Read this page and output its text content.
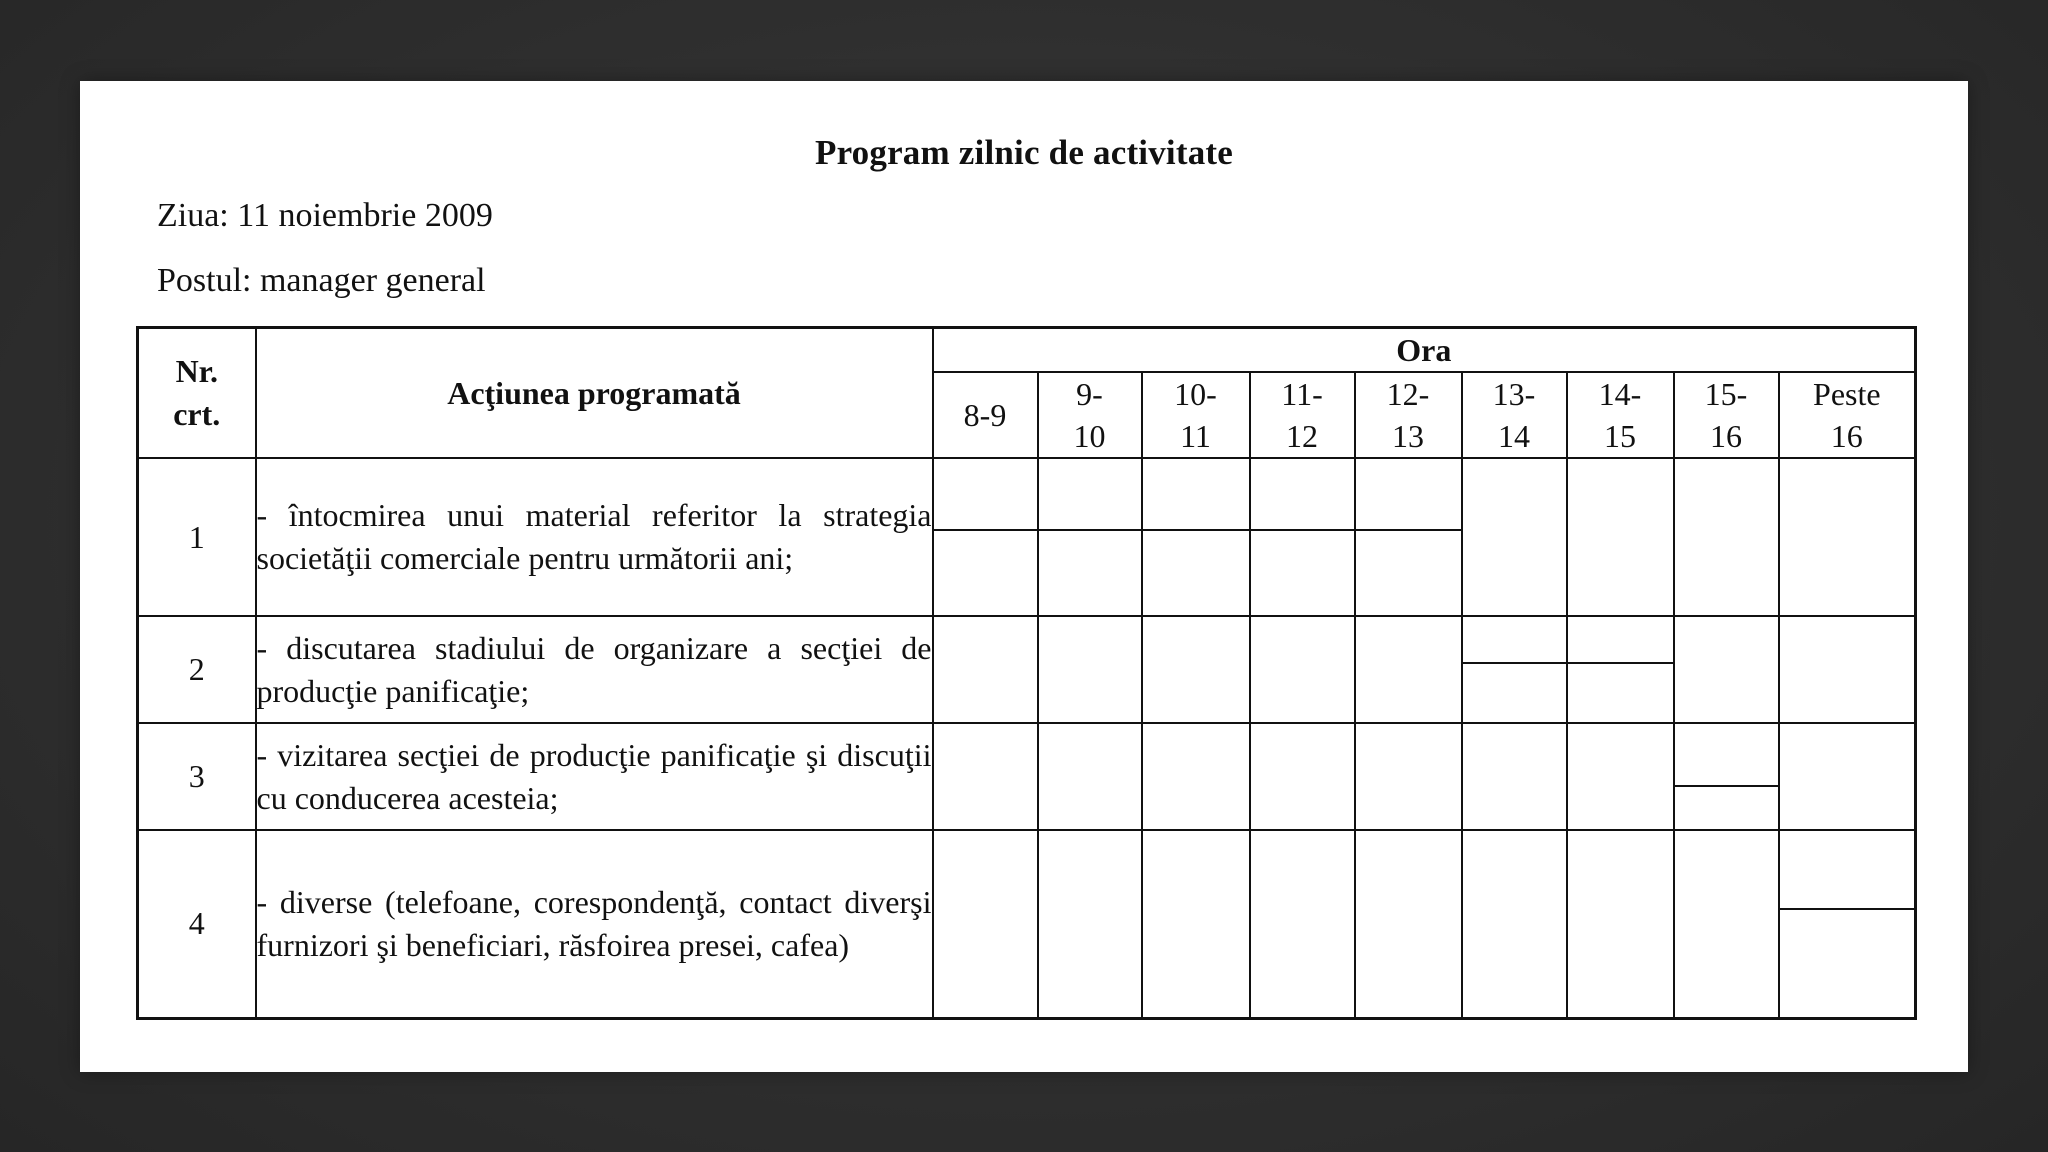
Program zilnic de activitate
Ziua: 11 noiembrie 2009
Postul: manager general
Nr. crt.	Acţiunea programată	Ora								
		8-9	9- 10	10- 11	11- 12	12- 13	13- 14	14- 15	15- 16	Peste 16
1	- întocmirea unui material referitor la strategia societăţii comerciale pentru următorii ani;	

2	- discutarea stadiului de organizare a secţiei de producţie panificaţie;						

3	- vizitarea secţiei de producţie panificaţie şi discuţii cu conducerea acesteia;								

4	- diverse (telefoane, corespondenţă, contact diverşi furnizori şi beneficiari, răsfoirea presei, cafea)									
